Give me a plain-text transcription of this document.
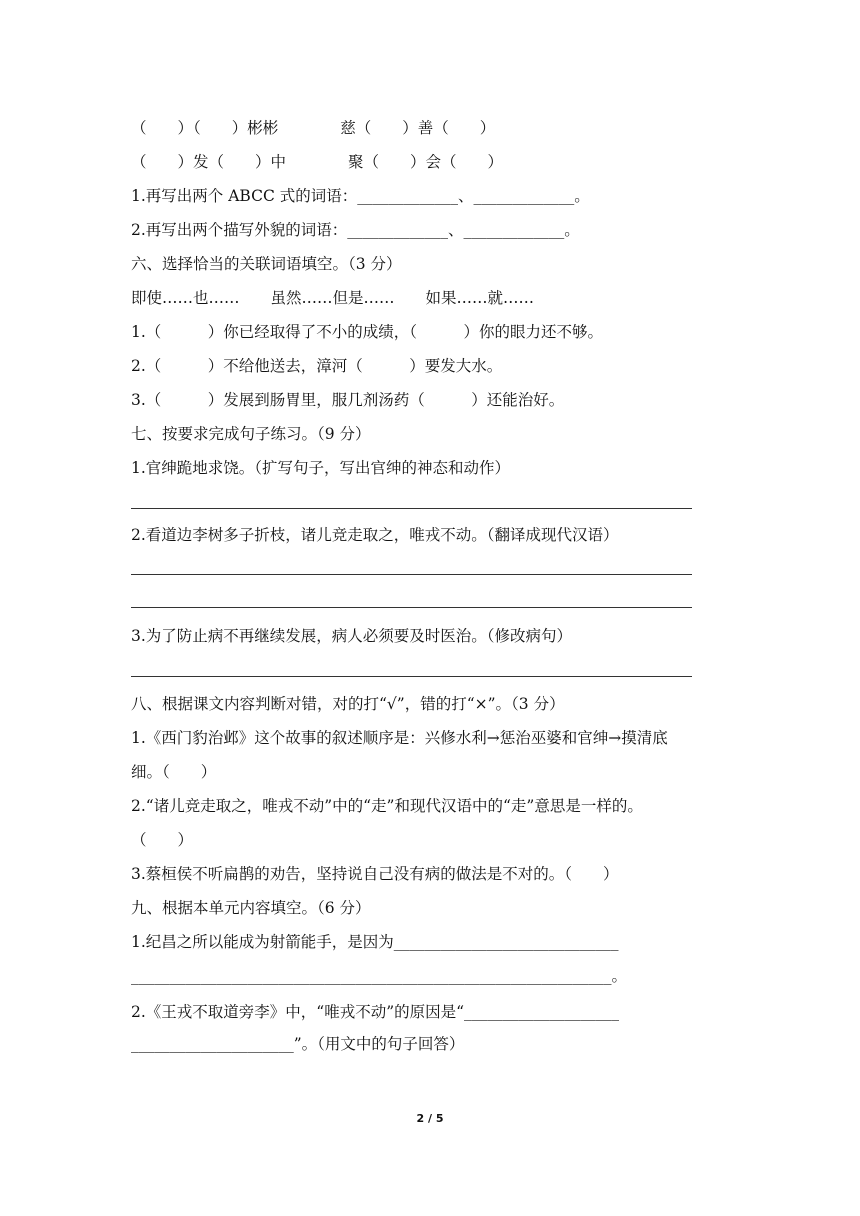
（　　）（　　）彬彬　　　　慈（　　）善（　　）
（　　）发（　　）中　　　　聚（　　）会（　　）
1.再写出两个 ABCC 式的词语：_____________、_____________。
2.再写出两个描写外貌的词语：_____________、_____________。
六、选择恰当的关联词语填空。（3 分）
即使……也……　　虽然……但是……　　如果……就……
1.（　　　）你已经取得了不小的成绩，（　　　）你的眼力还不够。
2.（　　　）不给他送去，漳河（　　　）要发大水。
3.（　　　）发展到肠胃里，服几剂汤药（　　　）还能治好。
七、按要求完成句子练习。（9 分）
1.官绅跪地求饶。（扩写句子，写出官绅的神态和动作）
2.看道边李树多子折枝，诸儿竞走取之，唯戎不动。（翻译成现代汉语）
3.为了防止病不再继续发展，病人必须要及时医治。（修改病句）
八、根据课文内容判断对错，对的打“√”，错的打“×”。（3 分）
1.《西门豹治邺》这个故事的叙述顺序是：兴修水利→惩治巫婆和官绅→摸清底
细。（　　）
2.“诸儿竞走取之，唯戎不动”中的“走”和现代汉语中的“走”意思是一样的。
（　　）
3.蔡桓侯不听扁鹊的劝告，坚持说自己没有病的做法是不对的。（　　）
九、根据本单元内容填空。（6 分）
1.纪昌之所以能成为射箭能手，是因为_____________________________
______________________________________________________________。
2.《王戎不取道旁李》中，“唯戎不动”的原因是“____________________
_____________________”。（用文中的句子回答）
2 / 5
